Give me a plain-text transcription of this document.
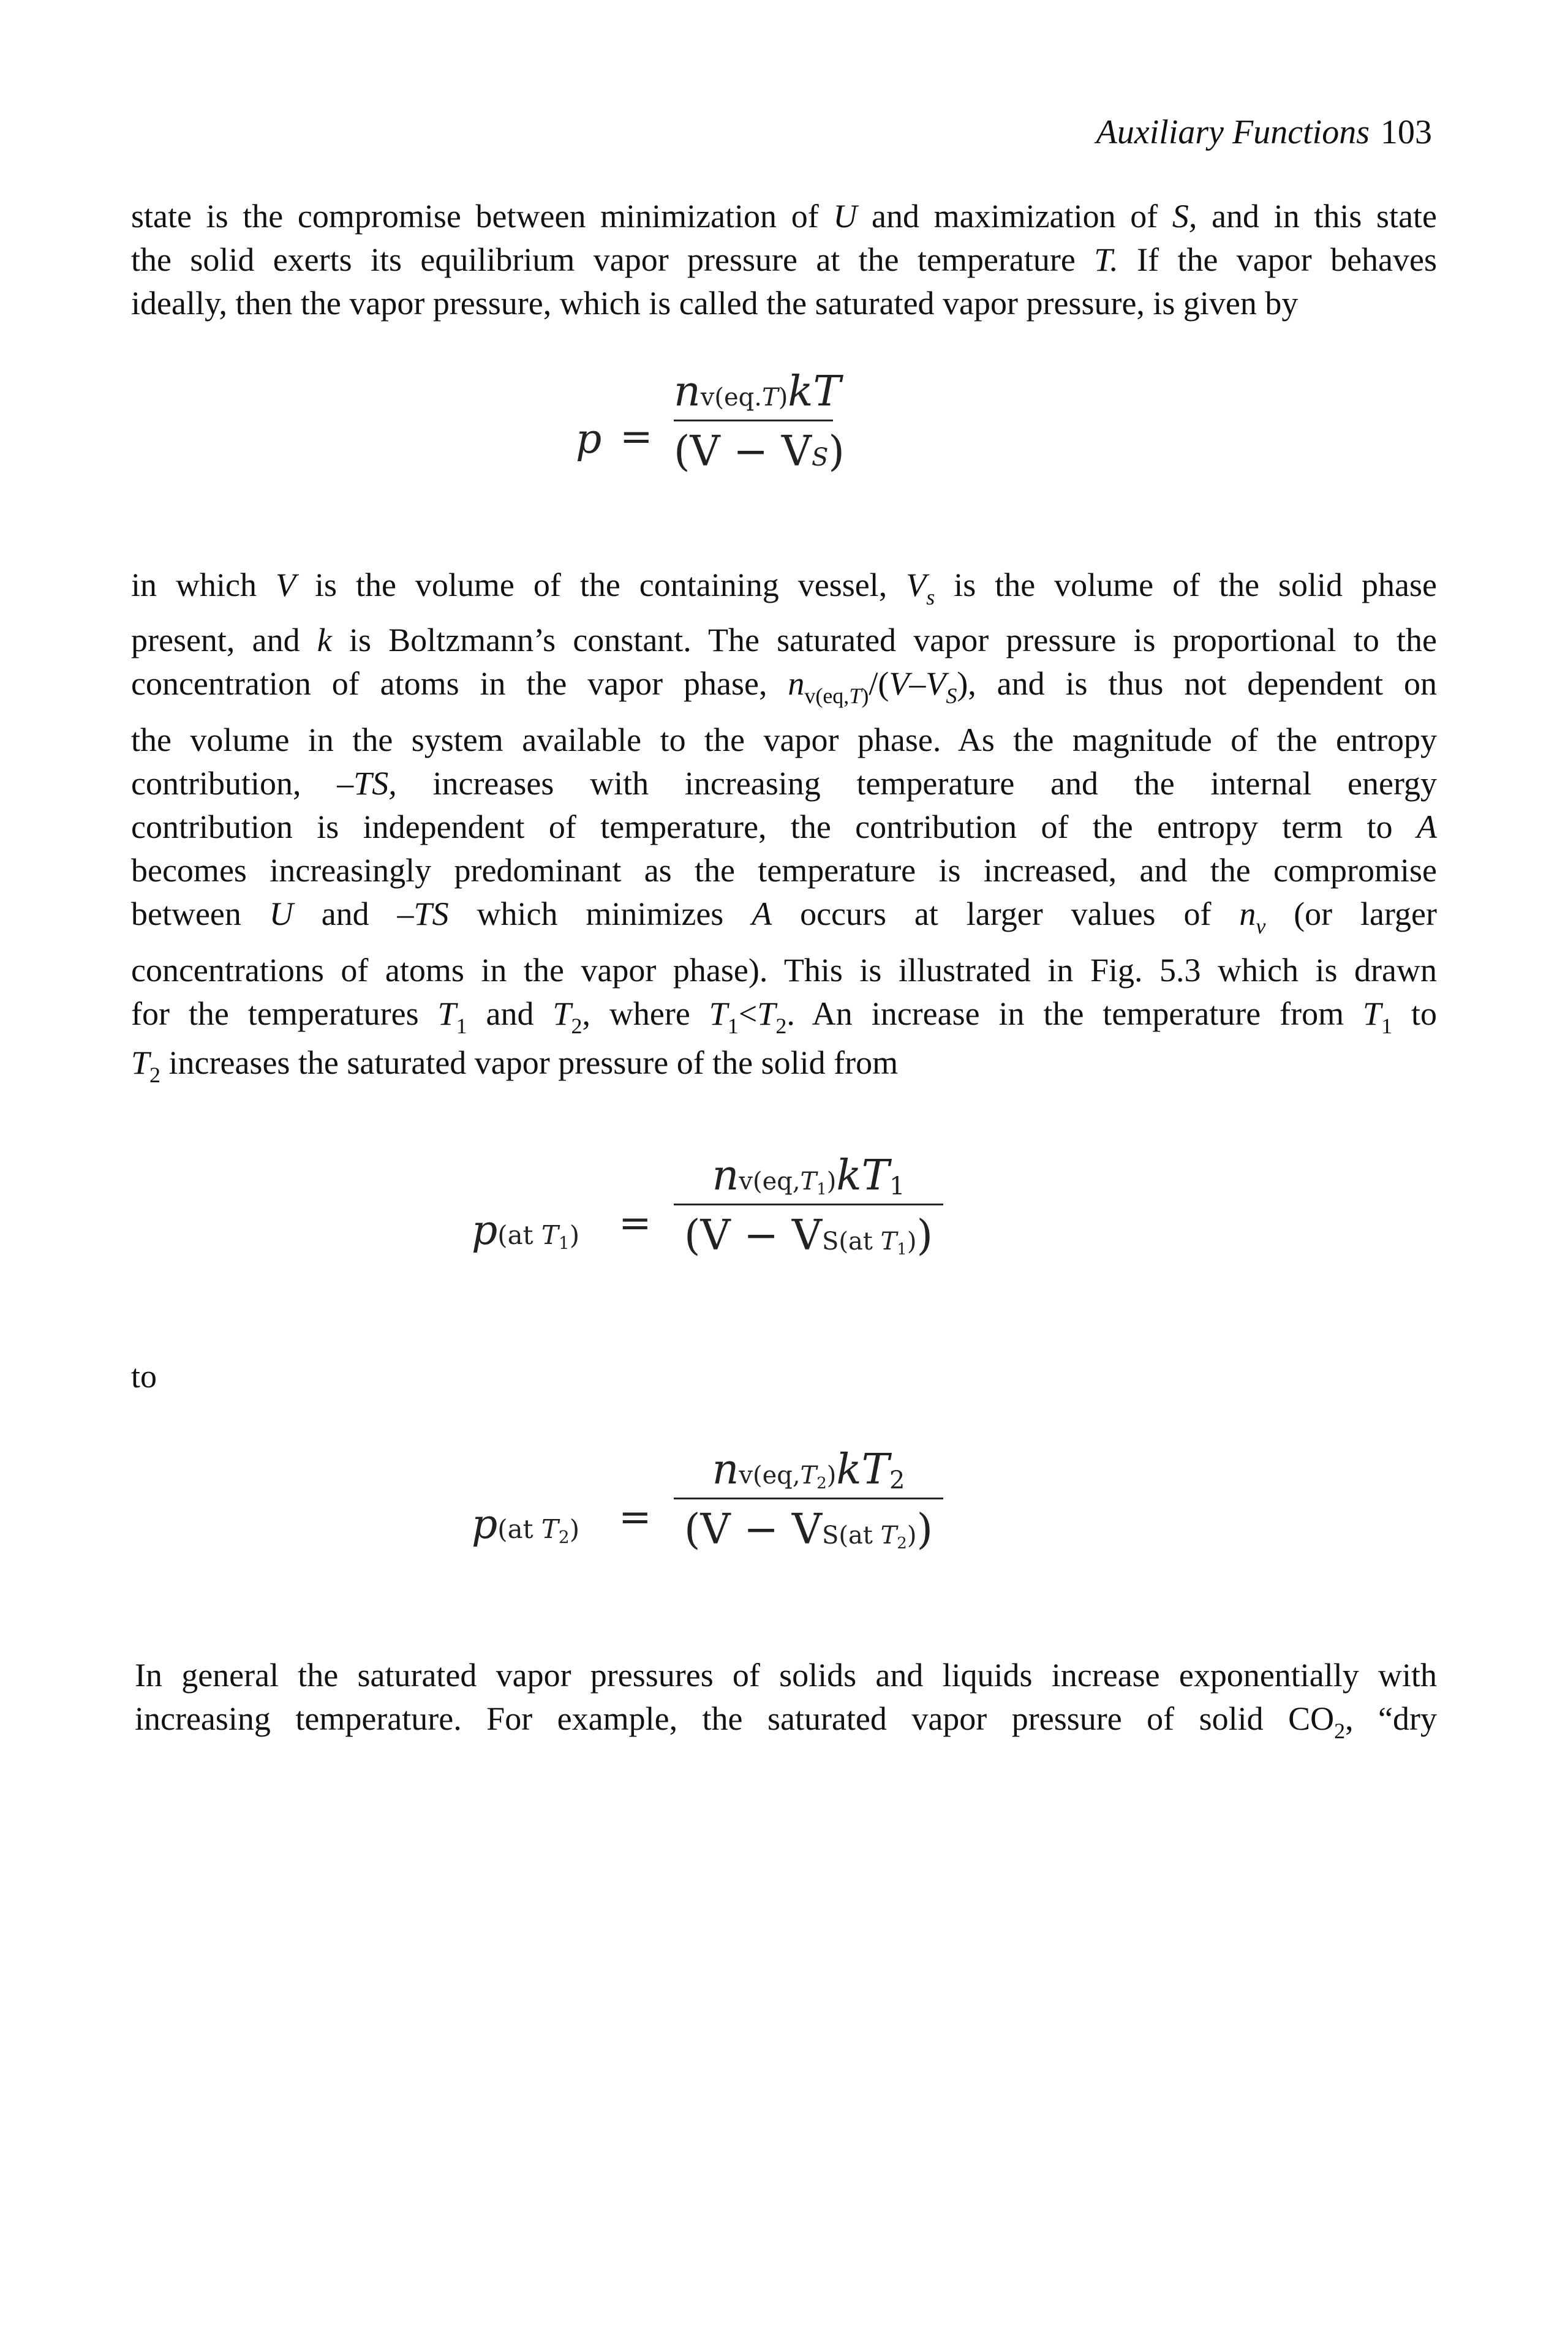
Auxiliary Functions 103
state is the compromise between minimization of U and maximization of S, and in this state
the solid exerts its equilibrium vapor pressure at the temperature T. If the vapor behaves
ideally, then the vapor pressure, which is called the saturated vapor pressure, is given by
p =
nv(eq.T)kT
(V − VS)
in which V is the volume of the containing vessel, $V_s$ is the volume of the solid phase
present, and k is Boltzmann’s constant. The saturated vapor pressure is proportional to the
concentration of atoms in the vapor phase, $n_{v(eq,T)}/(V-V_S)$, and is thus not dependent on
the volume in the system available to the vapor phase. As the magnitude of the entropy
contribution, –TS, increases with increasing temperature and the internal energy
contribution is independent of temperature, the contribution of the entropy term to A
becomes increasingly predominant as the temperature is increased, and the compromise
between U and –TS which minimizes A occurs at larger values of $n_v$ (or larger
concentrations of atoms in the vapor phase). This is illustrated in Fig. 5.3 which is drawn
for the temperatures $T_1$ and $T_2$, where $T_1<T_2$. An increase in the temperature from $T_1$ to
$T_2$ increases the saturated vapor pressure of the solid from
p(at $T_1$) =
$nv(eq,T_1)kT_1$
(V − VS(at $T_1$))
to
p(at $T_2$) =
$nv(eq,T_2)kT_2$
(V − VS(at $T_2$))
In general the saturated vapor pressures of solids and liquids increase exponentially with
increasing temperature. For example, the saturated vapor pressure of solid $CO_2$, “dry
